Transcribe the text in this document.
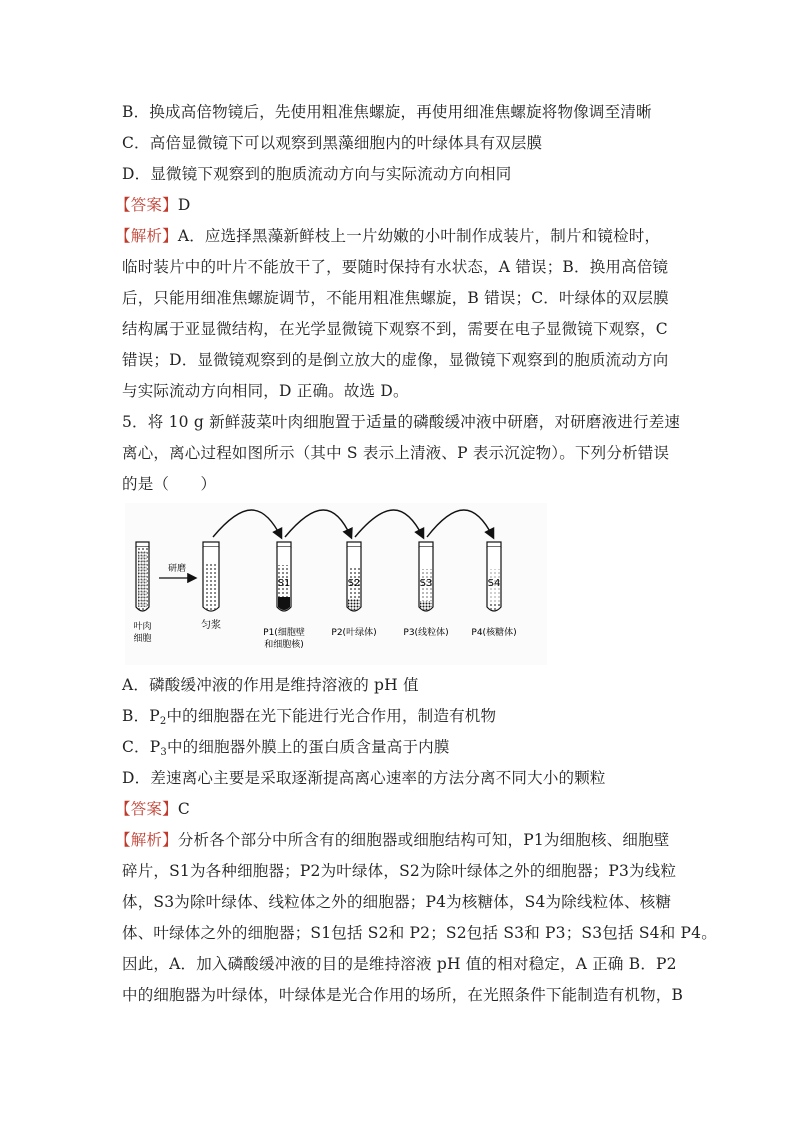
B．换成高倍物镜后，先使用粗准焦螺旋，再使用细准焦螺旋将物像调至清晰
C．高倍显微镜下可以观察到黑藻细胞内的叶绿体具有双层膜
D．显微镜下观察到的胞质流动方向与实际流动方向相同
【答案】D
【解析】A．应选择黑藻新鲜枝上一片幼嫩的小叶制作成装片，制片和镜检时，
临时装片中的叶片不能放干了，要随时保持有水状态，A 错误；B．换用高倍镜
后，只能用细准焦螺旋调节，不能用粗准焦螺旋，B 错误；C．叶绿体的双层膜
结构属于亚显微结构，在光学显微镜下观察不到，需要在电子显微镜下观察，C
错误；D．显微镜观察到的是倒立放大的虚像，显微镜下观察到的胞质流动方向
与实际流动方向相同，D 正确。故选 D。
5．将 10 g 新鲜菠菜叶肉细胞置于适量的磷酸缓冲液中研磨，对研磨液进行差速
离心，离心过程如图所示（其中 S 表示上清液、P 表示沉淀物）。下列分析错误
的是（　　）
叶肉
细胞
研磨
匀浆
S1
P1(细胞壁
和细胞核)
S2
P2(叶绿体)
S3
P3(线粒体)
S4
P4(核糖体)
A．磷酸缓冲液的作用是维持溶液的 pH 值
B．$P_2$中的细胞器在光下能进行光合作用，制造有机物
C．$P_3$中的细胞器外膜上的蛋白质含量高于内膜
D．差速离心主要是采取逐渐提高离心速率的方法分离不同大小的颗粒
【答案】C
【解析】分析各个部分中所含有的细胞器或细胞结构可知，P1为细胞核、细胞壁
碎片，S1为各种细胞器；P2为叶绿体，S2为除叶绿体之外的细胞器；P3为线粒
体，S3为除叶绿体、线粒体之外的细胞器；P4为核糖体，S4为除线粒体、核糖
体、叶绿体之外的细胞器；S1包括 S2和 P2；S2包括 S3和 P3；S3包括 S4和 P4。
因此，A．加入磷酸缓冲液的目的是维持溶液 pH 值的相对稳定，A 正确 B．P2
中的细胞器为叶绿体，叶绿体是光合作用的场所，在光照条件下能制造有机物，B
